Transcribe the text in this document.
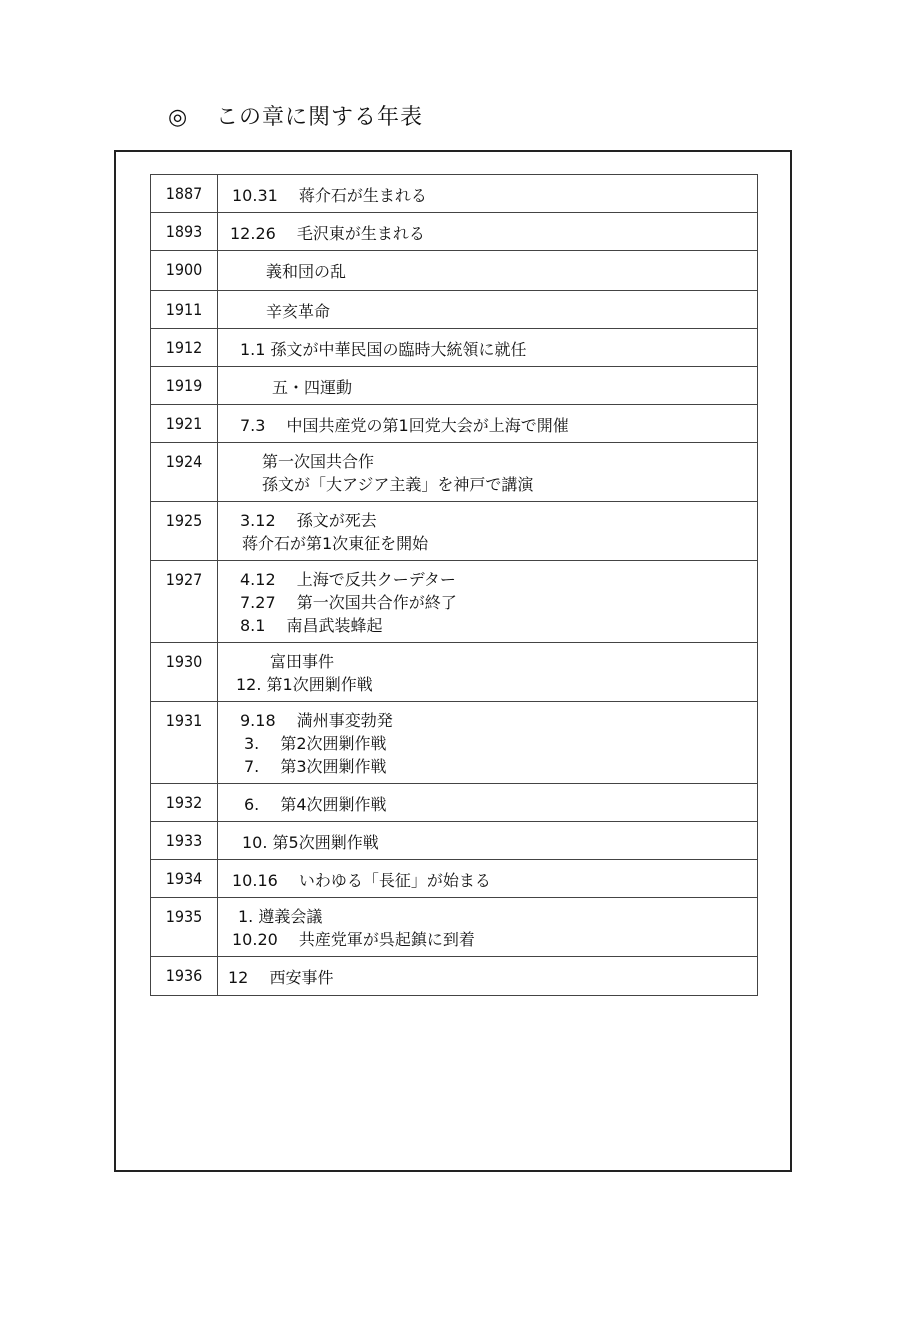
◎ この章に関する年表
1887	10.31　 蒋介石が生まれる

1893	12.26　 毛沢東が生まれる

1900	義和団の乱

1911	辛亥革命

1912	1.1 孫文が中華民国の臨時大統領に就任

1919	五・四運動

1921	7.3　 中国共産党の第1回党大会が上海で開催

1924	第一次国共合作
孫文が「大アジア主義」を神戸で講演

1925	3.12　 孫文が死去
蒋介石が第1次東征を開始

1927	4.12　 上海で反共クーデター
7.27　 第一次国共合作が終了
8.1　 南昌武装蜂起

1930	富田事件
12. 第1次囲剿作戦

1931	9.18　 満州事変勃発
3.　 第2次囲剿作戦
7.　 第3次囲剿作戦

1932	6.　 第4次囲剿作戦

1933	10. 第5次囲剿作戦

1934	10.16　 いわゆる「長征」が始まる

1935	1. 遵義会議
10.20　 共産党軍が呉起鎮に到着

1936	12　 西安事件
